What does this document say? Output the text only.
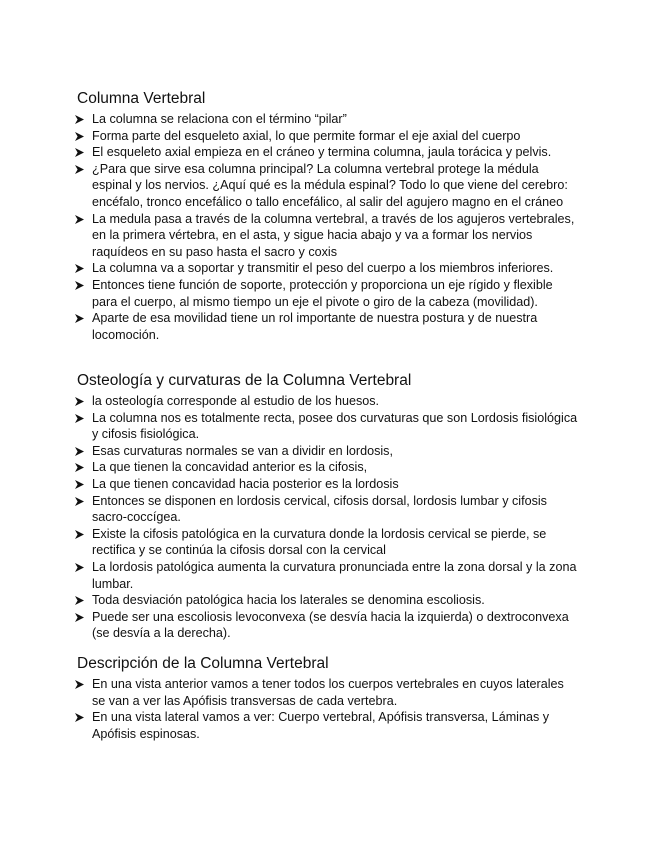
Columna Vertebral
La columna se relaciona con el término “pilar”
Forma parte del esqueleto axial, lo que permite formar el eje axial del cuerpo
El esqueleto axial empieza en el cráneo y termina columna, jaula torácica y pelvis.
¿Para que sirve esa columna principal? La columna vertebral protege la médula espinal y los nervios. ¿Aquí qué es la médula espinal? Todo lo que viene del cerebro: encéfalo, tronco encefálico o tallo encefálico, al salir del agujero magno en el cráneo
La medula pasa a través de la columna vertebral, a través de los agujeros vertebrales, en la primera vértebra, en el asta, y sigue hacia abajo y va a formar los nervios raquídeos en su paso hasta el sacro y coxis
La columna va a soportar y transmitir el peso del cuerpo a los miembros inferiores.
Entonces tiene función de soporte, protección y proporciona un eje rígido y flexible para el cuerpo, al mismo tiempo un eje el pivote o giro de la cabeza (movilidad).
Aparte de esa movilidad tiene un rol importante de nuestra postura y de nuestra locomoción.
Osteología y curvaturas de la Columna Vertebral
la osteología corresponde al estudio de los huesos.
La columna nos es totalmente recta, posee dos curvaturas que son Lordosis fisiológica y cifosis fisiológica.
Esas curvaturas normales se van a dividir en lordosis,
La que tienen la concavidad anterior es la cifosis,
La que tienen concavidad hacia posterior es la lordosis
Entonces se disponen en lordosis cervical, cifosis dorsal, lordosis lumbar y cifosis sacro-coccígea.
Existe la cifosis patológica en la curvatura donde la lordosis cervical se pierde, se rectifica y se continúa la cifosis dorsal con la cervical
La lordosis patológica aumenta la curvatura pronunciada entre la zona dorsal y la zona lumbar.
Toda desviación patológica hacia los laterales se denomina escoliosis.
Puede ser una escoliosis levoconvexa (se desvía hacia la izquierda) o dextroconvexa (se desvía a la derecha).
Descripción de la Columna Vertebral
En una vista anterior vamos a tener todos los cuerpos vertebrales en cuyos laterales se van a ver las Apófisis transversas de cada vertebra.
En una vista lateral vamos a ver: Cuerpo vertebral, Apófisis transversa, Láminas y Apófisis espinosas.
